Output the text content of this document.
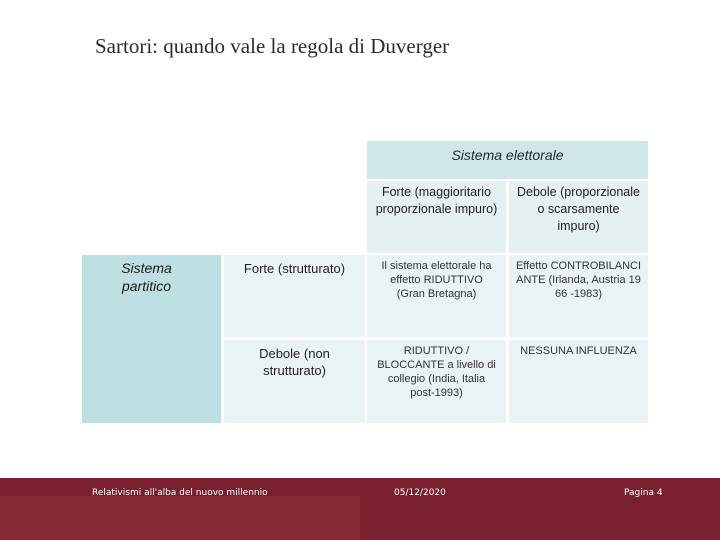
Sartori: quando vale la regola di Duverger
Sistema elettorale
Forte (maggioritario proporzionale impuro)
Debole (proporzionale o scarsamente impuro)
Sistema partitico
Forte (strutturato)
Debole (non strutturato)
Il sistema elettorale ha effetto RIDUTTIVO (Gran Bretagna)
Effetto CONTROBILANCIANTE (Irlanda, Austria 1966 -1983)
RIDUTTIVO / BLOCCANTE a livello di collegio (India, Italia post-1993)
NESSUNA INFLUENZA
Relativismi all'alba del nuovo millennio	05/12/2020	Pagina 4
